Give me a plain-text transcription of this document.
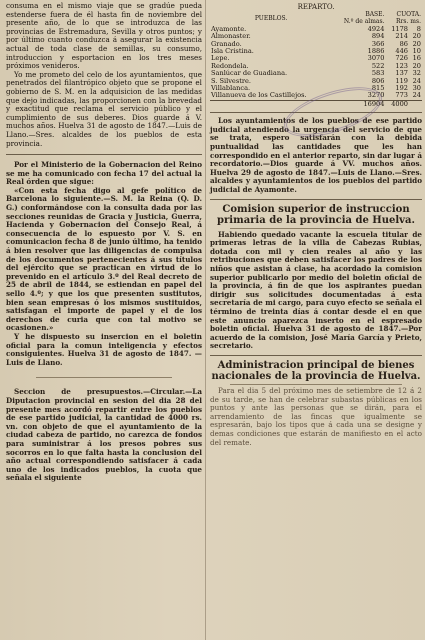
consuma en el mismo viaje que se gradúe pueda estenderse fuera de él hasta fin de noviembre del presente año, de lo que se introduzca de las provincias de Estremadura, Sevilla y otros puntos; y por último cuanto conduzca á asegurar la existencia actual de toda clase de semillas, su consumo, introduccion y esportacion en los tres meses próximos venideros.

Yo me prometo del celo de los ayuntamientos, que penetrados del filantrópico objeto que se propone el gobierno de S. M. en la adquisicion de las medidas que dejo indicadas, las proporcionen con la brevedad y exactitud que reclama el servicio público y el cumplimiento de sus deberes. Dios guarde á V. muchos años. Huelva 31 de agosto de 1847.—Luis de Llano.—Sres. alcaldes de los pueblos de esta provincia.

Por el Ministerio de la Gobernacion del Reino se me ha comunicado con fecha 17 del actual la Real órden que sigue:

«Con esta fecha digo al gefe político de Barcelona lo siguiente.—S. M. la Reina (Q. D. G.) conformándose con la consulta dada por las secciones reunidas de Gracia y Justicia, Guerra, Hacienda y Gobernacion del Consejo Real, á consecuencia de lo espuesto por V. S. en comunicacion fecha 8 de junio último, ha tenido á bien resolver que las diligencias de compulsa de los documentos pertenecientes á sus títulos del ejército que se practican en virtud de lo prevenido en el artículo 3.º del Real decreto de 25 de abril de 1844, se estiendan en papel del sello 4.º; y que los que presenten sustitutos, bien sean empresas ó los mismos sustituidos, satisfagan el importe de papel y el de los derechos de curia que con tal motivo se ocasionen.»

Y he dispuesto su insercion en el boletin oficial para la comun inteligencia y efectos consiguientes. Huelva 31 de agosto de 1847. —Luis de Llano.

Seccion de presupuestos.—Circular.—La Diputacion provincial en sesion del dia 28 del presente mes acordó repartir entre los pueblos de ese partido judicial, la cantidad de 4000 rs. vn. con objeto de que el ayuntamiento de la ciudad cabeza de partido, no carezca de fondos para suministrar á los presos pobres sus socorros en lo que falta hasta la conclusion del año actual correspondiendo satisfacer á cada uno de los indicados pueblos, la cuota que señala el siguiente

REPARTO.
PUEBLOS.	BASE.
N.º de almas.	CUOTA.
Rrs. ms.	
Ayamonte.	4924	1178	8
Almonaster.	894	214	20
Granado.	366	86	20
Isla Cristina.	1886	446	10
Lepe.	3070	726	16
Redondela.	522	123	20
Sanlúcar de Guadiana.	583	137	32
S. Silvestre.	806	119	24
Villablanca.	815	192	30
Villanueva de los Castillejos.	3270	773	24
	16904	4000	

Los ayuntamientos de los pueblos de ese partido judicial atendiendo la urgencia del servicio de que se trata, espero satisfarán con la debida puntualidad las cantidades que les han correspondido en el anterior reparto, sin dar lugar á recordatorio.—Dios guarde á VV. muchos años. Huelva 29 de agosto de 1847.—Luis de Llano.—Sres. alcaldes y ayuntamientos de los pueblos del partido judicial de Ayamonte.

Comision superior de instruccion primaria de la provincia de Huelva.

Habiendo quedado vacante la escuela titular de primeras letras de la villa de Cabezas Rubias, dotada con mil y cien reales al año y las retribuciones que deben satisfacer los padres de los niños que asistan á clase, ha acordado la comision superior publicarlo por medio del boletin oficial de la provincia, á fin de que los aspirantes puedan dirigir sus solicitudes documentadas á esta secretaría de mi cargo, para cuyo efecto se señala el término de treinta días á contar desde el en que este anuncio aparezca inserto en el espresado boletin oficial. Huelva 31 de agosto de 1847.—Por acuerdo de la comision, José María García y Prieto, secretario.

Administracion principal de bienes nacionales de la provincia de Huelva.

Para el dia 5 del próximo mes de setiembre de 12 á 2 de su tarde, se han de celebrar subastas públicas en los puntos y ante las personas que se dirán, para el arrendamiento de las fincas que igualmente se espresarán, bajo los tipos que á cada una se designe y demas condiciones que estarán de manifiesto en el acto del remate.
